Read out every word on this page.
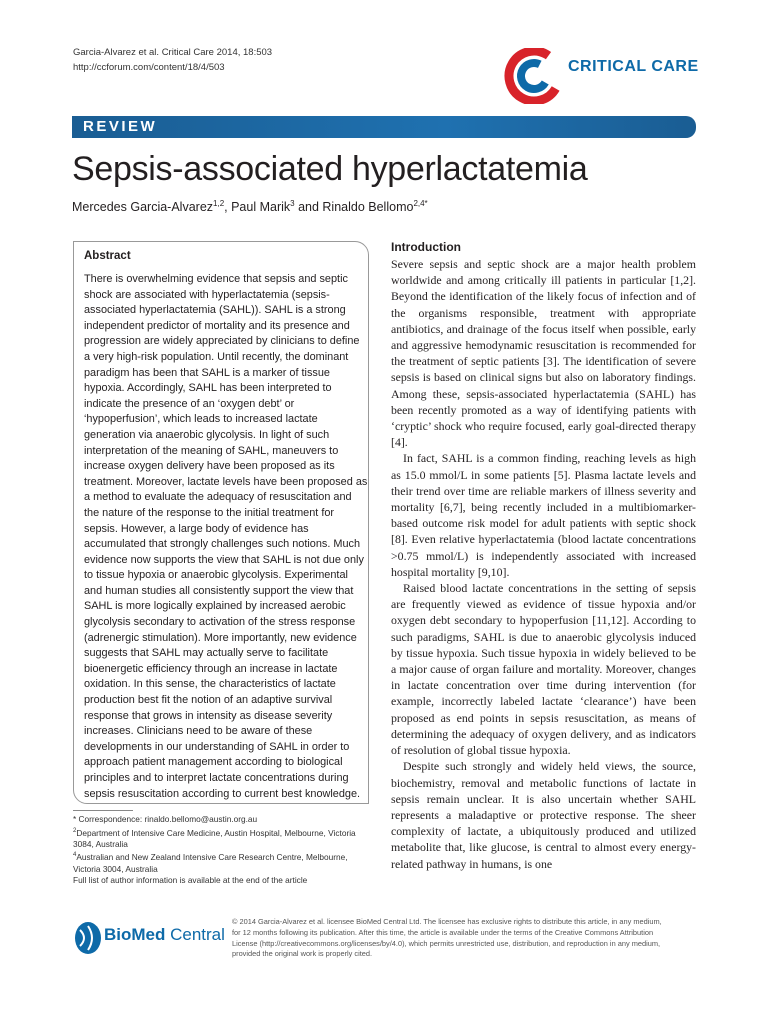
Garcia-Alvarez et al. Critical Care 2014, 18:503
http://ccforum.com/content/18/4/503	CRITICAL CARE
REVIEW
Sepsis-associated hyperlactatemia
Mercedes Garcia-Alvarez$^{1,2}$, Paul Marik$^3$ and Rinaldo Bellomo$^{2,4*}$
Abstract
There is overwhelming evidence that sepsis and septic shock are associated with hyperlactatemia (sepsis-associated hyperlactatemia (SAHL)). SAHL is a strong independent predictor of mortality and its presence and progression are widely appreciated by clinicians to define a very high-risk population. Until recently, the dominant paradigm has been that SAHL is a marker of tissue hypoxia. Accordingly, SAHL has been interpreted to indicate the presence of an ‘oxygen debt’ or ‘hypoperfusion’, which leads to increased lactate generation via anaerobic glycolysis. In light of such interpretation of the meaning of SAHL, maneuvers to increase oxygen delivery have been proposed as its treatment. Moreover, lactate levels have been proposed as a method to evaluate the adequacy of resuscitation and the nature of the response to the initial treatment for sepsis. However, a large body of evidence has accumulated that strongly challenges such notions. Much evidence now supports the view that SAHL is not due only to tissue hypoxia or anaerobic glycolysis. Experimental and human studies all consistently support the view that SAHL is more logically explained by increased aerobic glycolysis secondary to activation of the stress response (adrenergic stimulation). More importantly, new evidence suggests that SAHL may actually serve to facilitate bioenergetic efficiency through an increase in lactate oxidation. In this sense, the characteristics of lactate production best fit the notion of an adaptive survival response that grows in intensity as disease severity increases. Clinicians need to be aware of these developments in our understanding of SAHL in order to approach patient management according to biological principles and to interpret lactate concentrations during sepsis resuscitation according to current best knowledge.
* Correspondence: rinaldo.bellomo@austin.org.au
$^2$Department of Intensive Care Medicine, Austin Hospital, Melbourne, Victoria 3084, Australia
$^4$Australian and New Zealand Intensive Care Research Centre, Melbourne, Victoria 3004, Australia
Full list of author information is available at the end of the article
Introduction

Severe sepsis and septic shock are a major health problem worldwide and among critically ill patients in particular [1,2]. Beyond the identification of the likely focus of infection and of the organisms responsible, treatment with appropriate antibiotics, and drainage of the focus itself when possible, early and aggressive hemodynamic resuscitation is recommended for the treatment of septic patients [3]. The identification of severe sepsis is based on clinical signs but also on laboratory findings. Among these, sepsis-associated hyperlactatemia (SAHL) has been recently promoted as a way of identifying patients with ‘cryptic’ shock who require focused, early goal-directed therapy [4].

In fact, SAHL is a common finding, reaching levels as high as 15.0 mmol/L in some patients [5]. Plasma lactate levels and their trend over time are reliable markers of illness severity and mortality [6,7], being recently included in a multibiomarker-based outcome risk model for adult patients with septic shock [8]. Even relative hyperlactatemia (blood lactate concentrations >0.75 mmol/L) is independently associated with increased hospital mortality [9,10].

Raised blood lactate concentrations in the setting of sepsis are frequently viewed as evidence of tissue hypoxia and/or oxygen debt secondary to hypoperfusion [11,12]. According to such paradigms, SAHL is due to anaerobic glycolysis induced by tissue hypoxia. Such tissue hypoxia in widely believed to be a major cause of organ failure and mortality. Moreover, changes in lactate concentration over time during intervention (for example, incorrectly labeled lactate ‘clearance’) have been proposed as end points in sepsis resuscitation, as means of determining the adequacy of oxygen delivery, and as indicators of resolution of global tissue hypoxia.

Despite such strongly and widely held views, the source, biochemistry, removal and metabolic functions of lactate in sepsis remain unclear. It is also uncertain whether SAHL represents a maladaptive or protective response. The sheer complexity of lactate, a ubiquitously produced and utilized metabolite that, like glucose, is central to almost every energy-related pathway in humans, is one

BioMed Central
© 2014 Garcia-Alvarez et al. licensee BioMed Central Ltd. The licensee has exclusive rights to distribute this article, in any medium, for 12 months following its publication. After this time, the article is available under the terms of the Creative Commons Attribution License (http://creativecommons.org/licenses/by/4.0), which permits unrestricted use, distribution, and reproduction in any medium, provided the original work is properly cited.
